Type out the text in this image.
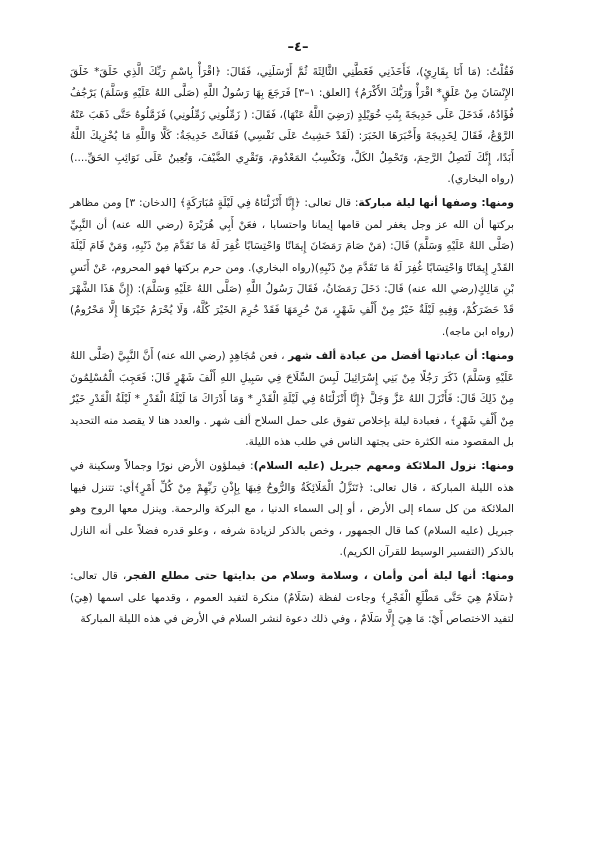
–٤–

فَقُلْتُ: (مَا أَنَا بِقَارِئٍ)، فَأَخَذَنِي فَغَطَّنِي الثَّالِثَةَ ثُمَّ أَرْسَلَنِي، فَقَالَ: ﴿اقْرَأْ بِاسْمِ رَبِّكَ الَّذِي خَلَقَ* خَلَقَ الإِنْسَانَ مِنْ عَلَقٍ* اقْرَأْ وَرَبُّكَ الأَكْرَمُ﴾ [العلق: ١–٣] فَرَجَعَ بِهَا رَسُولُ اللَّهِ (صَلَّى اللهُ عَلَيْهِ وَسَلَّمَ) يَرْجُفُ فُؤَادُهُ، فَدَخَلَ عَلَى خَدِيجَةَ بِنْتِ خُوَيْلِدٍ (رَضِيَ اللَّهُ عَنْهَا)، فَقَالَ: ( زَمِّلُونِي زَمِّلُونِي) فَزَمَّلُوهُ حَتَّى ذَهَبَ عَنْهُ الرَّوْعُ، فَقَالَ لِخَدِيجَةَ وَأَخْبَرَهَا الخَبَرَ: (لَقَدْ خَشِيتُ عَلَى نَفْسِي) فَقَالَتْ خَدِيجَةُ: كَلَّا وَاللَّهِ مَا يُخْزِيكَ اللَّهُ أَبَدًا، إِنَّكَ لَتَصِلُ الرَّحِمَ، وَتَحْمِلُ الكَلَّ، وَتَكْسِبُ المَعْدُومَ، وَتَقْرِي الضَّيْفَ، وَتُعِينُ عَلَى نَوَائِبِ الحَقِّ....) (رواه البخاري).

ومنها: وصفها أنها ليلة مباركة: قال تعالى: ﴿إِنَّا أَنْزَلْنَاهُ فِي لَيْلَةٍ مُبَارَكَةٍ﴾ [الدخان: ٣] ومن مظاهر بركتها أن الله عز وجل يغفر لمن قامها إيمانا واحتسابا ، فعَنْ أَبِي هُرَيْرَةَ (رضي الله عنه) أن النَّبِيِّ (صَلَّى اللهُ عَلَيْهِ وَسَلَّمَ) قَالَ: (مَنْ صَامَ رَمَضَانَ إِيمَانًا وَاحْتِسَابًا غُفِرَ لَهُ مَا تَقَدَّمَ مِنْ ذَنْبِهِ، وَمَنْ قَامَ لَيْلَةَ القَدْرِ إِيمَانًا وَاحْتِسَابًا غُفِرَ لَهُ مَا تَقَدَّمَ مِنْ ذَنْبِهِ)(رواه البخاري). ومن حرم بركتها فهو المحروم، عَنْ أَنَسِ بْنِ مَالِكٍ(رضي الله عنه) قَالَ: دَخَلَ رَمَضَانُ، فَقَالَ رَسُولُ اللَّهِ (صَلَّى اللهُ عَلَيْهِ وَسَلَّمَ): (إِنَّ هَذَا الشَّهْرَ قَدْ حَضَرَكُمْ، وَفِيهِ لَيْلَةٌ خَيْرٌ مِنْ أَلْفِ شَهْرٍ، مَنْ حُرِمَهَا فَقَدْ حُرِمَ الخَيْرَ كُلَّهُ، وَلَا يُحْرَمُ خَيْرَهَا إِلَّا مَحْرُومٌ)(رواه ابن ماجه).

ومنها: أن عبادتها أفضل من عبادة ألف شهر ، فعن مُجَاهِدٍ (رضي الله عنه) أَنَّ النَّبِيَّ (صَلَّى اللهُ عَلَيْهِ وَسَلَّمَ) ذَكَرَ رَجُلًا مِنْ بَنِي إِسْرَائِيلَ لَبِسَ السِّلَاحَ فِي سَبِيلِ اللهِ أَلْفَ شَهْرٍ قَالَ: فَعَجِبَ الْمُسْلِمُونَ مِنْ ذَلِكَ قَالَ: فَأَنْزَلَ اللهُ عَزَّ وَجَلَّ ﴿إِنَّا أَنْزَلْنَاهُ فِي لَيْلَةِ الْقَدْرِ * وَمَا أَدْرَاكَ مَا لَيْلَةُ الْقَدْرِ * لَيْلَةُ الْقَدْرِ خَيْرٌ مِنْ أَلْفِ شَهْرٍ﴾ ، فعبادة ليلة بإخلاص تفوق على حمل السلاح ألف شهر . والعدد هنا لا يقصد منه التحديد بل المقصود منه الكثرة حتى يجتهد الناس في طلب هذه الليلة.

ومنها: نزول الملائكة ومعهم جبريل (عليه السلام): فيملؤون الأرض نورًا وجمالاً وسكينة في هذه الليلة المباركة ، قال تعالى: ﴿تَنَزَّلُ الْمَلَائِكَةُ وَالرُّوحُ فِيهَا بِإِذْنِ رَبِّهِمْ مِنْ كُلِّ أَمْرٍ﴾أي: تتنزل فيها الملائكة من كل سماء إلى الأرض ، أو إلى السماء الدنيا ، مع البركة والرحمة. وينزل معها الروح وهو جبريل (عليه السلام) كما قال الجمهور ، وخص بالذكر لزيادة شرفه ، وعلو قدره فضلاً على أنه النازل بالذكر (التفسير الوسيط للقرآن الكريم).

ومنها: أنها ليلة أمن وأمان ، وسلامة وسلام من بدايتها حتى مطلع الفجر، قال تعالى: ﴿سَلَامٌ هِيَ حَتَّى مَطْلَعِ الْفَجْرِ﴾ وجاءت لفظة (سَلَامٌ) منكرة لتفيد العموم ، وقدمها على اسمها (هِيَ) لتفيد الاختصاص أَيْ: مَا هِيَ إِلَّا سَلَامٌ ، وفي ذلك دعوة لنشر السلام في الأرض في هذه الليلة المباركة
